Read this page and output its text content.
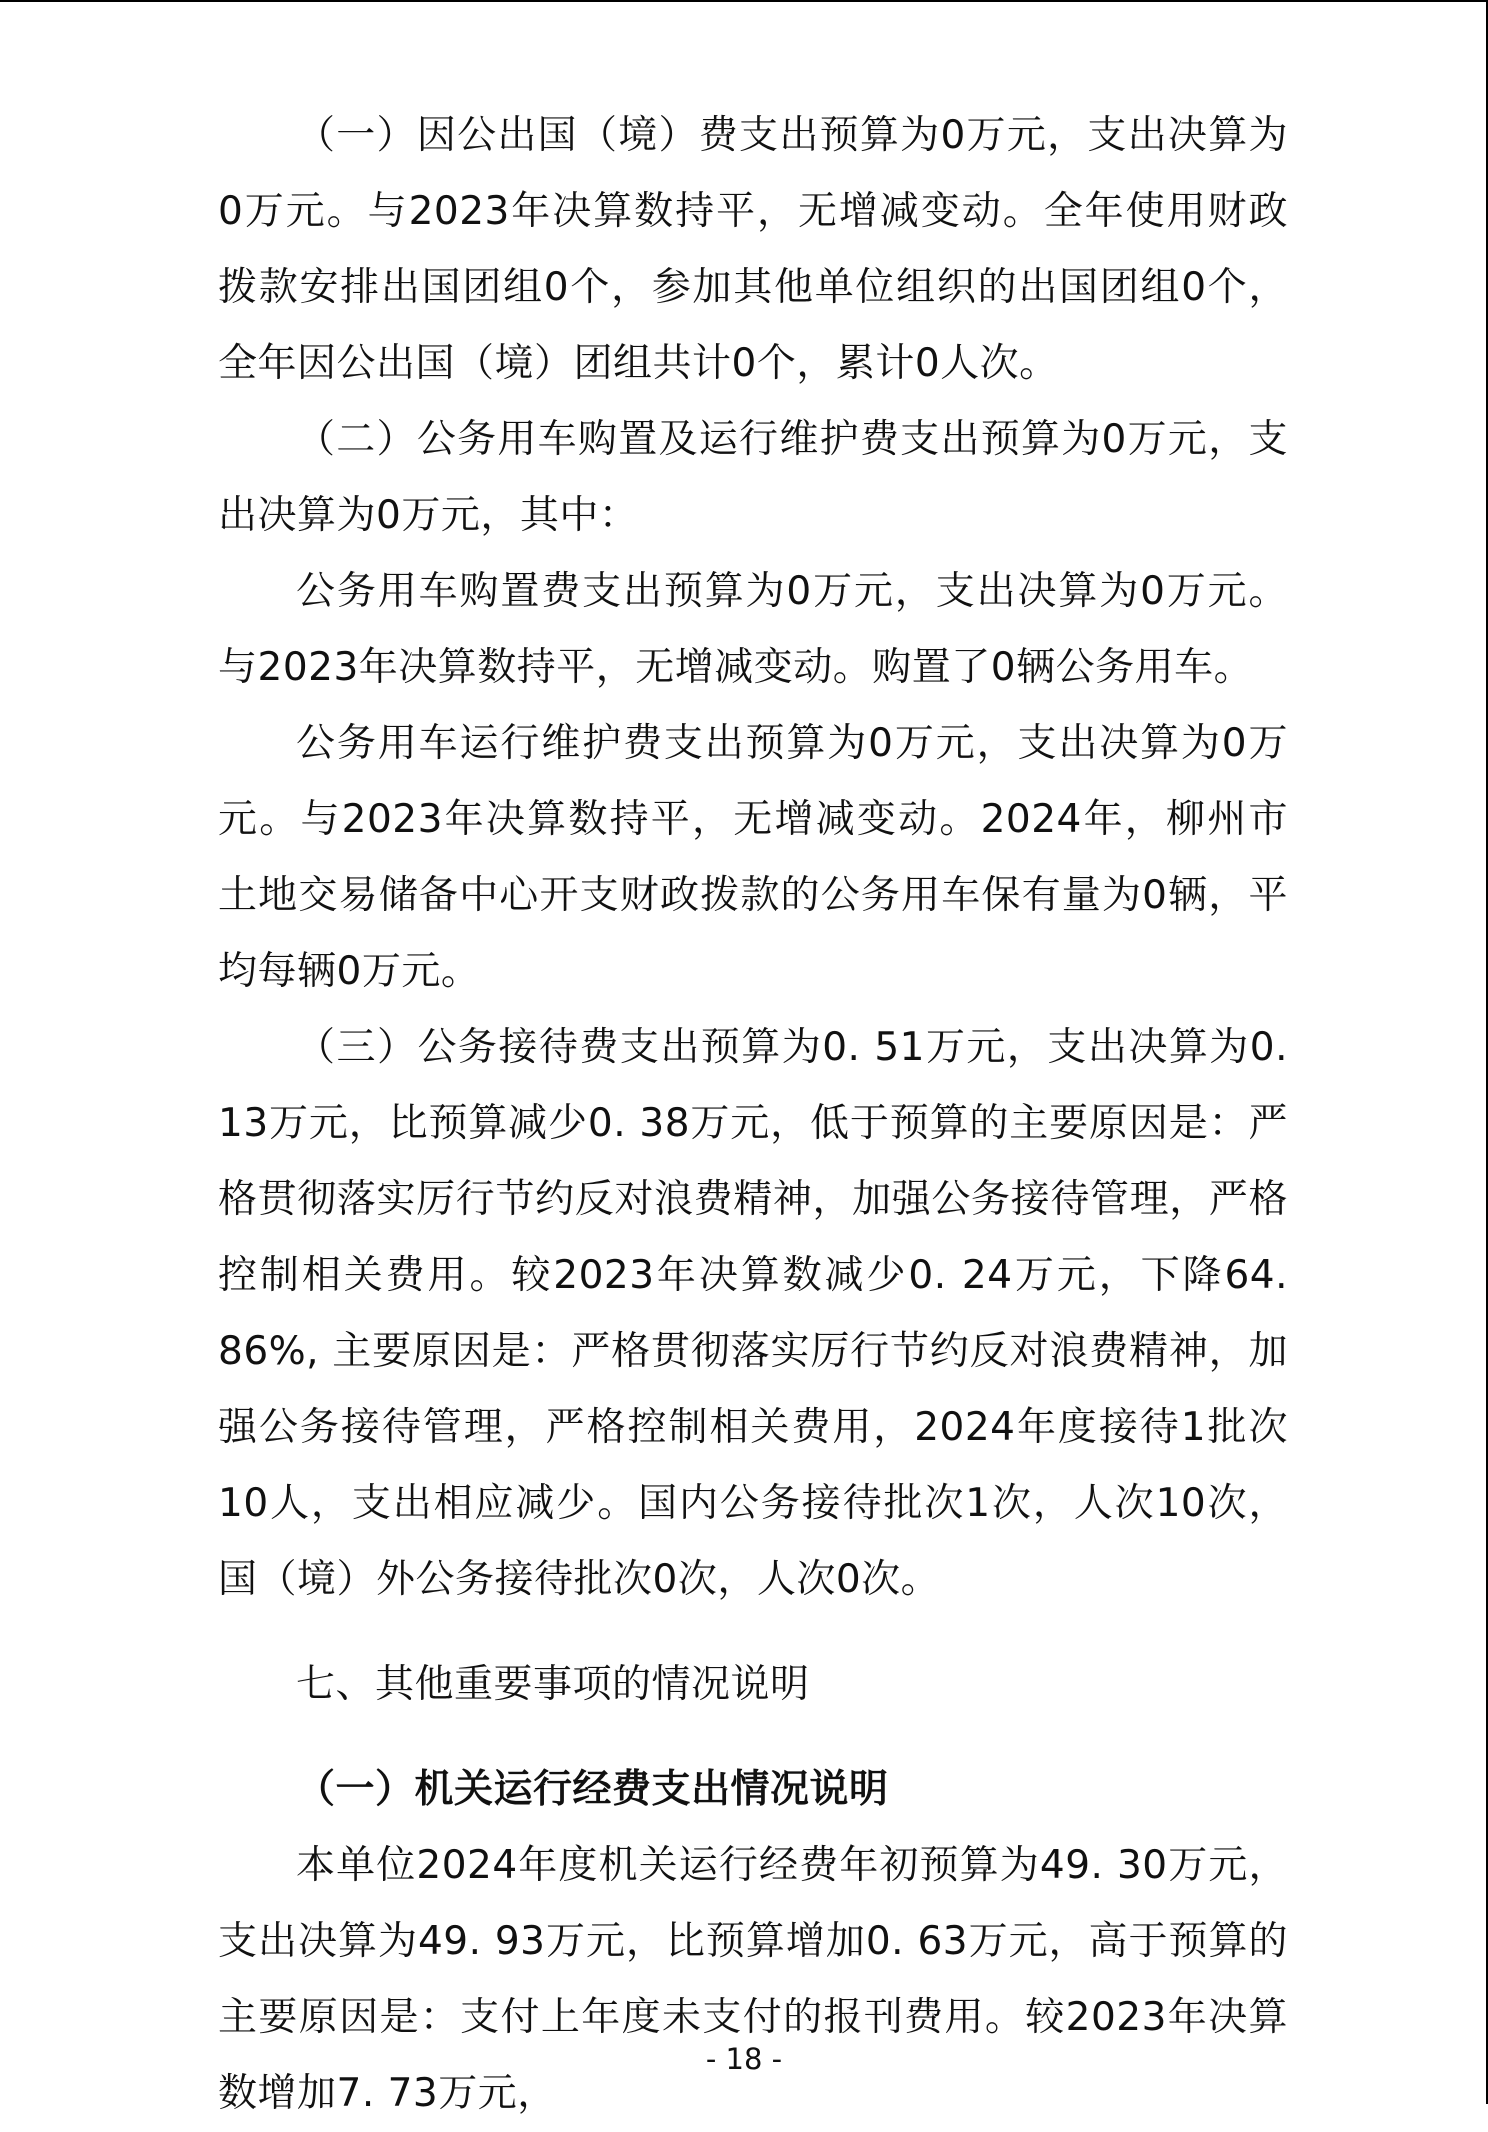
（一）因公出国（境）费支出预算为0万元，支出决算为0万元。与2023年决算数持平，无增减变动。全年使用财政拨款安排出国团组0个，参加其他单位组织的出国团组0个，全年因公出国（境）团组共计0个，累计0人次。

（二）公务用车购置及运行维护费支出预算为0万元，支出决算为0万元，其中：

公务用车购置费支出预算为0万元，支出决算为0万元。与2023年决算数持平，无增减变动。购置了0辆公务用车。

公务用车运行维护费支出预算为0万元，支出决算为0万元。与2023年决算数持平，无增减变动。2024年，柳州市土地交易储备中心开支财政拨款的公务用车保有量为0辆，平均每辆0万元。

（三）公务接待费支出预算为0. 51万元，支出决算为0. 13万元，比预算减少0. 38万元，低于预算的主要原因是：严格贯彻落实厉行节约反对浪费精神，加强公务接待管理，严格控制相关费用。较2023年决算数减少0. 24万元，下降64. 86%, 主要原因是：严格贯彻落实厉行节约反对浪费精神，加强公务接待管理，严格控制相关费用，2024年度接待1批次10人，支出相应减少。国内公务接待批次1次，人次10次，国（境）外公务接待批次0次，人次0次。

七、其他重要事项的情况说明

（一）机关运行经费支出情况说明

本单位2024年度机关运行经费年初预算为49. 30万元，支出决算为49. 93万元，比预算增加0. 63万元，高于预算的主要原因是：支付上年度未支付的报刊费用。较2023年决算数增加7. 73万元，

- 18 -
